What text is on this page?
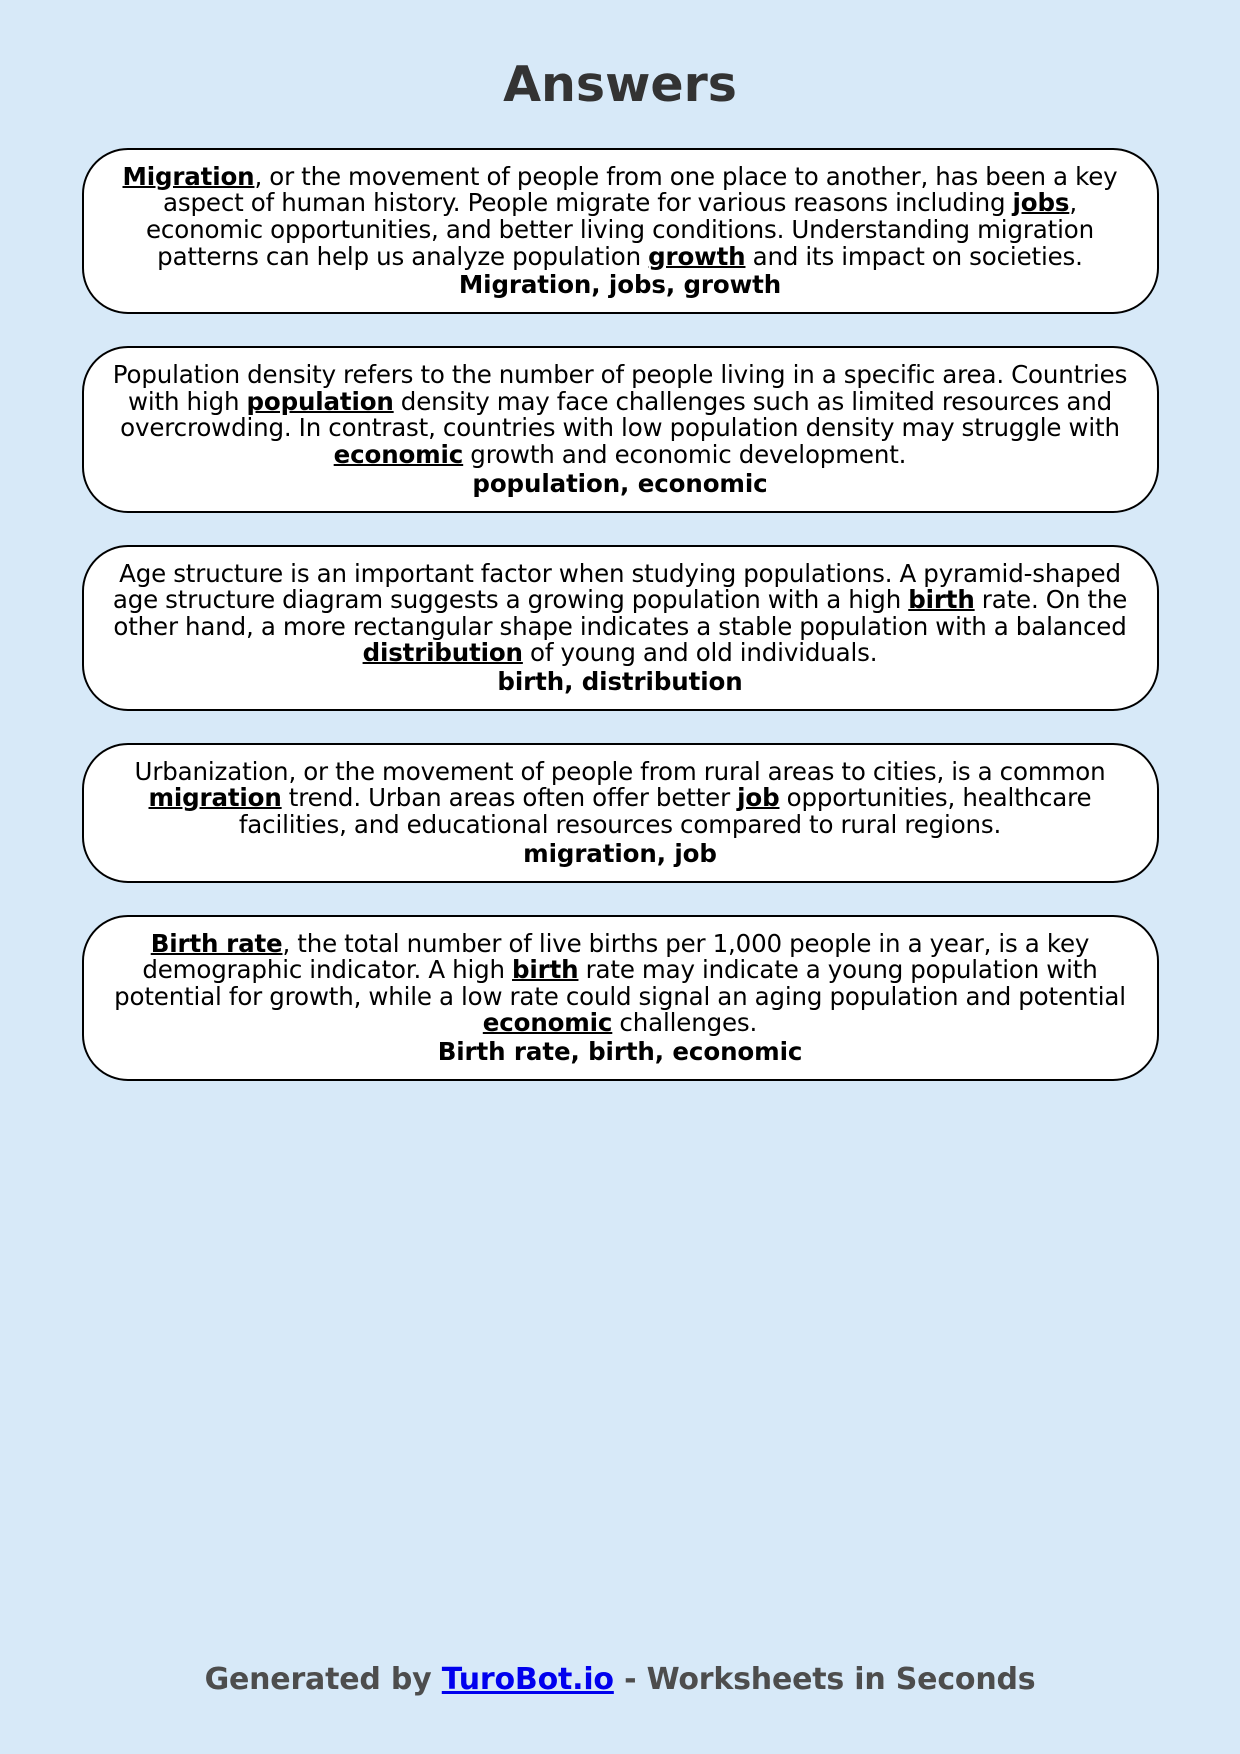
Answers

Migration, or the movement of people from one place to another, has been a key aspect of human history. People migrate for various reasons including jobs, economic opportunities, and better living conditions. Understanding migration patterns can help us analyze population growth and its impact on societies.

Migration, jobs, growth

Population density refers to the number of people living in a specific area. Countries with high population density may face challenges such as limited resources and overcrowding. In contrast, countries with low population density may struggle with economic growth and economic development.

population, economic

Age structure is an important factor when studying populations. A pyramid-shaped age structure diagram suggests a growing population with a high birth rate. On the other hand, a more rectangular shape indicates a stable population with a balanced distribution of young and old individuals.

birth, distribution

Urbanization, or the movement of people from rural areas to cities, is a common migration trend. Urban areas often offer better job opportunities, healthcare facilities, and educational resources compared to rural regions.

migration, job

Birth rate, the total number of live births per 1,000 people in a year, is a key demographic indicator. A high birth rate may indicate a young population with potential for growth, while a low rate could signal an aging population and potential economic challenges.

Birth rate, birth, economic

Generated by TuroBot.io - Worksheets in Seconds
